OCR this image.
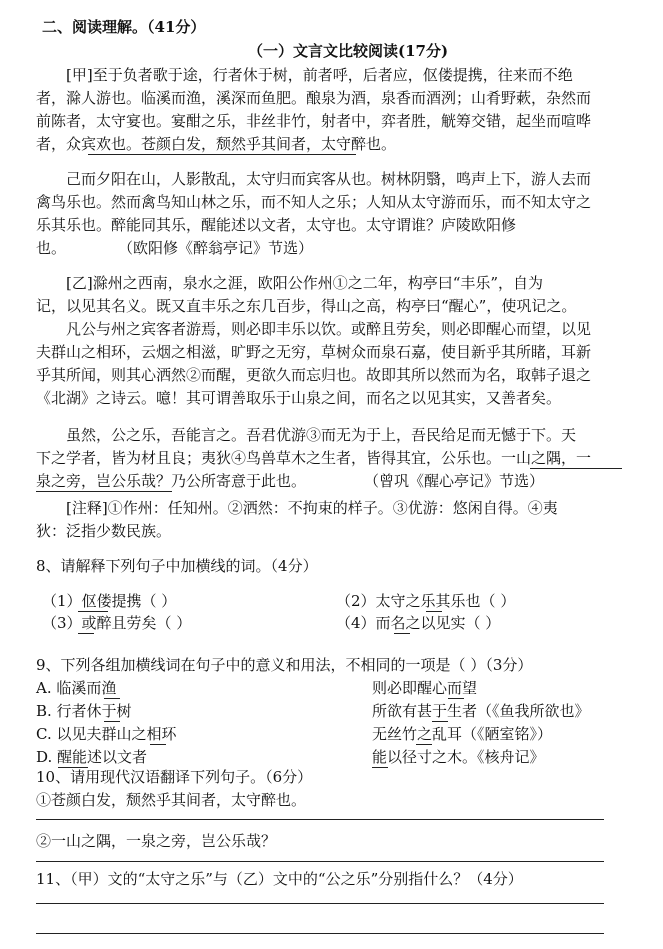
二、阅读理解。（41分）
（一）文言文比较阅读(17分)
[甲]至于负者歌于途，行者休于树，前者呼，后者应，伛偻提携，往来而不绝
者，滁人游也。临溪而渔，溪深而鱼肥。酿泉为酒，泉香而酒洌；山肴野蔌，杂然而
前陈者，太守宴也。宴酣之乐，非丝非竹，射者中，弈者胜，觥筹交错，起坐而喧哗
者，众宾欢也。苍颜白发，颓然乎其间者，太守醉也。
己而夕阳在山，人影散乱，太守归而宾客从也。树林阴翳，鸣声上下，游人去而
禽鸟乐也。然而禽鸟知山林之乐，而不知人之乐；人知从太守游而乐，而不知太守之
乐其乐也。醉能同其乐，醒能述以文者，太守也。太守谓谁？庐陵欧阳修
也。	（欧阳修《醉翁亭记》节选）
[乙]滁州之西南，泉水之涯，欧阳公作州①之二年，构亭曰“丰乐”，自为
记，以见其名义。既又直丰乐之东几百步，得山之高，构亭曰“醒心”，使巩记之。
凡公与州之宾客者游焉，则必即丰乐以饮。或醉且劳矣，则必即醒心而望，以见
夫群山之相环，云烟之相滋，旷野之无穷，草树众而泉石嘉，使目新乎其所睹，耳新
乎其所闻，则其心洒然②而醒，更欲久而忘归也。故即其所以然而为名，取韩子退之
《北湖》之诗云。噫！其可谓善取乐于山泉之间，而名之以见其实，又善者矣。
虽然，公之乐，吾能言之。吾君优游③而无为于上，吾民给足而无憾于下。天
下之学者，皆为材且良；夷狄④鸟兽草木之生者，皆得其宜，公乐也。一山之隅，一
泉之旁，岂公乐哉？乃公所寄意于此也。	（曾巩《醒心亭记》节选）
[注释]①作州：任知州。②洒然：不拘束的样子。③优游：悠闲自得。④夷
狄：泛指少数民族。
8、请解释下列句子中加横线的词。（4分）
（1）伛偻提携（ ）	（2）太守之乐其乐也（ ）
（3）或醉且劳矣（ ）	（4）而名之以见实（ ）
9、下列各组加横线词在句子中的意义和用法，不相同的一项是（ ）（3分）
A. 临溪而渔	则必即醒心而望
B. 行者休于树	所欲有甚于生者（《鱼我所欲也》
C. 以见夫群山之相环	无丝竹之乱耳（《陋室铭》）
D. 醒能述以文者	能以径寸之木。《核舟记》
10、请用现代汉语翻译下列句子。（6分）
①苍颜白发，颓然乎其间者，太守醉也。
②一山之隅，一泉之旁，岂公乐哉？
11、（甲）文的“太守之乐”与（乙）文中的“公之乐”分别指什么？（4分）
